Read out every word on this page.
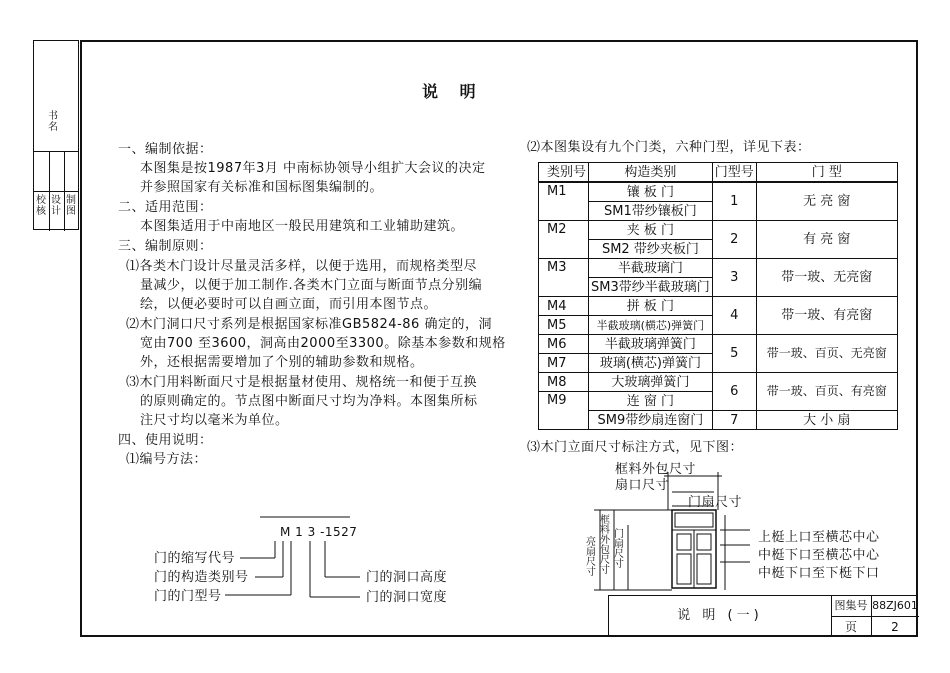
书 名
校 核
设 计
制 图
说 明
一、编制依据：
本图集是按1987年3月 中南标协领导小组扩大会议的决定
并参照国家有关标准和国标图集编制的。
二、适用范围：
本图集适用于中南地区一般民用建筑和工业辅助建筑。
三、编制原则：
⑴各类木门设计尽量灵活多样，以便于选用，而规格类型尽
量减少，以便于加工制作.各类木门立面与断面节点分别编
绘，以便必要时可以自画立面，而引用本图节点。
⑵木门洞口尺寸系列是根据国家标准GB5824-86 确定的，洞
宽由700 至3600，洞高由2000至3300。除基本参数和规格
外，还根据需要增加了个别的辅助参数和规格。
⑶木门用料断面尺寸是根据量材使用、规格统一和便于互换
的原则确定的。节点图中断面尺寸均为净料。本图集所标
注尺寸均以毫米为单位。
四、使用说明：
⑴编号方法：
M 1 3 -1527
门的缩写代号
门的构造类别号
门的门型号
门的洞口高度
门的洞口宽度
⑵本图集设有九个门类，六种门型，详见下表：
类别号	构造类别	门型号	门 型
M1	镶 板 门	1	无 亮 窗
	SM1带纱镶板门		
M2	夹 板 门	2	有 亮 窗
	SM2 带纱夹板门		
M3	半截玻璃门	3	带一玻、无亮窗
	SM3带纱半截玻璃门		
M4	拼 板 门	4	带一玻、有亮窗
M5	半截玻璃(横芯)弹簧门		
M6	半截玻璃弹簧门	5	带一玻、百页、无亮窗
M7	玻璃(横芯)弹簧门		
M8	大玻璃弹簧门	6	带一玻、百页、有亮窗
M9	连 窗 门		
	SM9带纱扇连窗门	7	大 小 扇
⑶木门立面尺寸标注方式，见下图：
框料外包尺寸
扇口尺寸
门扇尺寸
亮扇尺寸
框料外包尺寸
门扇尺寸
上梃上口至横芯中心
中梃下口至横芯中心
中梃下口至下梃下口
说 明 (一)
图集号 88ZJ601
页	2
